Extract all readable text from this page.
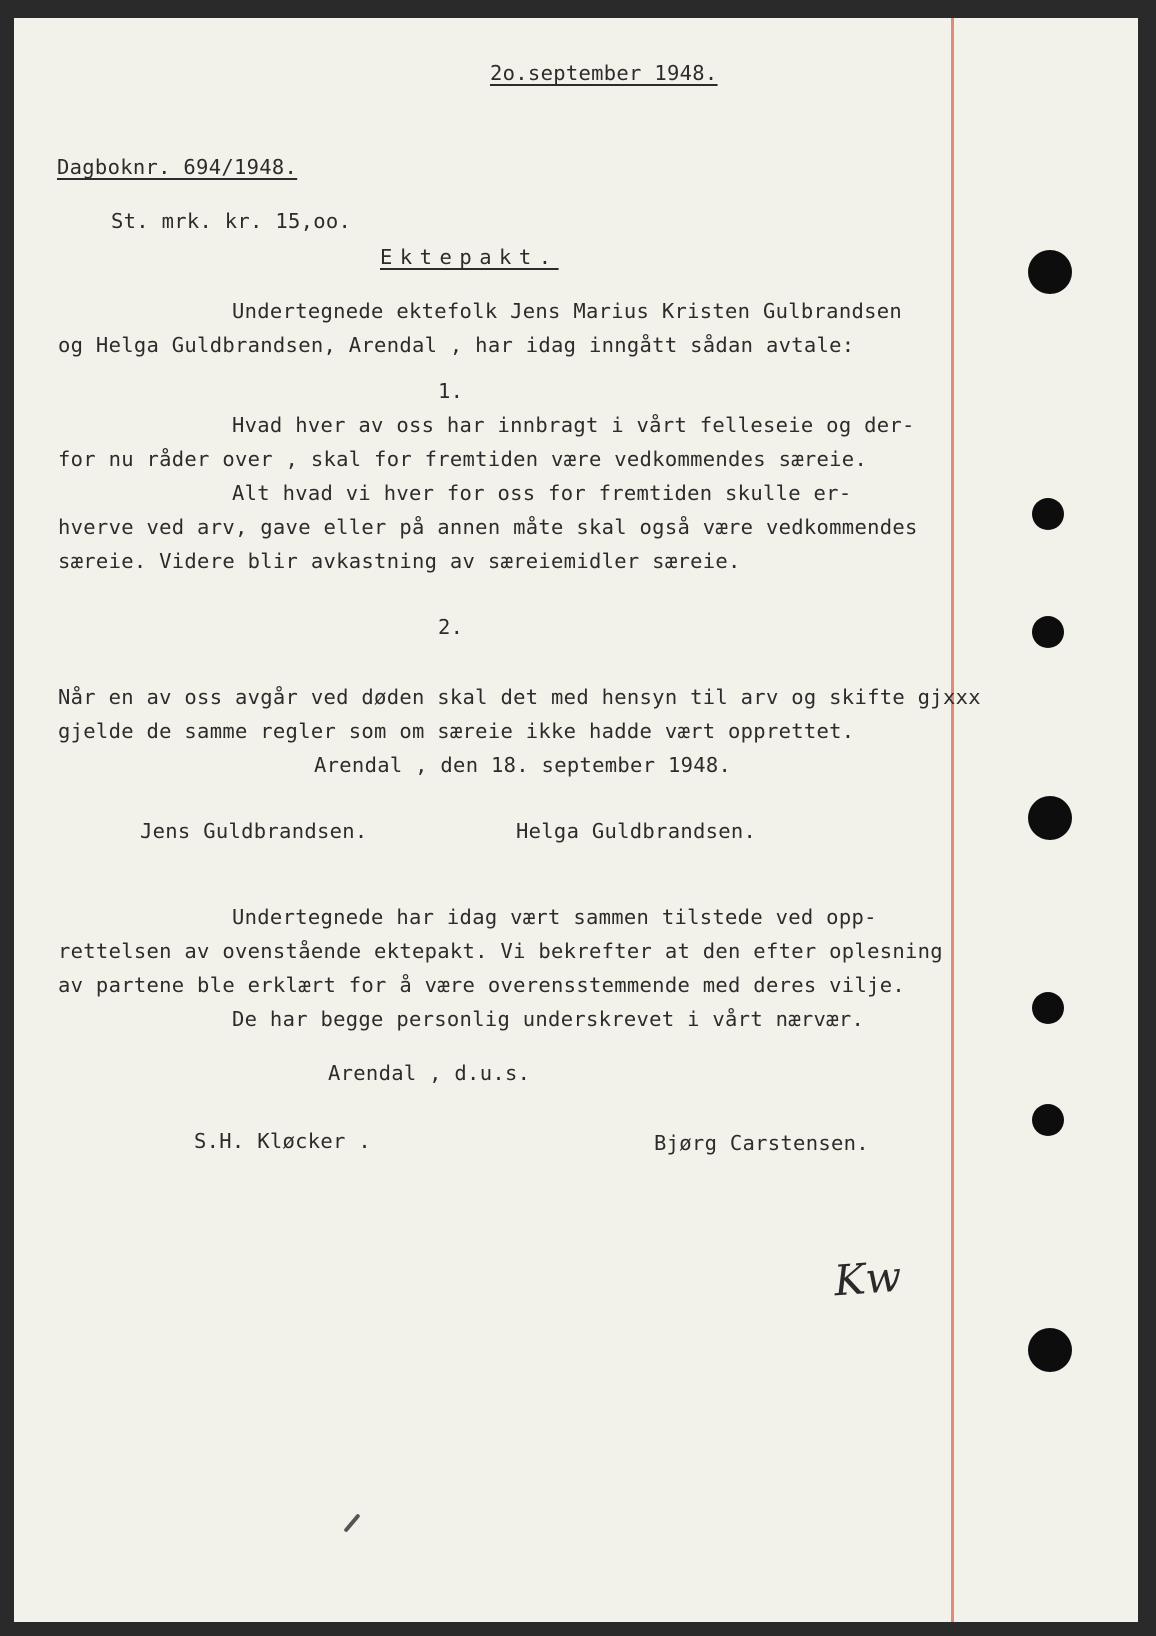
2o.september 1948.
Dagboknr. 694/1948.
St. mrk. kr. 15,oo.
Ektepakt.
Undertegnede ektefolk Jens Marius Kristen Gulbrandsen
og Helga Guldbrandsen, Arendal , har idag inngått sådan avtale:
1.
Hvad hver av oss har innbragt i vårt felleseie og der-
for nu råder over , skal for fremtiden være vedkommendes særeie.
Alt hvad vi hver for oss for fremtiden skulle er-
hverve ved arv, gave eller på annen måte skal også være vedkommendes
særeie. Videre blir avkastning av særeiemidler særeie.
2.
Når en av oss avgår ved døden skal det med hensyn til arv og skifte gjxxx
gjelde de samme regler som om særeie ikke hadde vært opprettet.
Arendal , den 18. september 1948.
Jens Guldbrandsen.	Helga Guldbrandsen.
Undertegnede har idag vært sammen tilstede ved opp-
rettelsen av ovenstående ektepakt. Vi bekrefter at den efter oplesning
av partene ble erklært for å være overensstemmende med deres vilje.
De har begge personlig underskrevet i vårt nærvær.
Arendal , d.u.s.
S.H. Kløcker .	Bjørg Carstensen.
Kw
